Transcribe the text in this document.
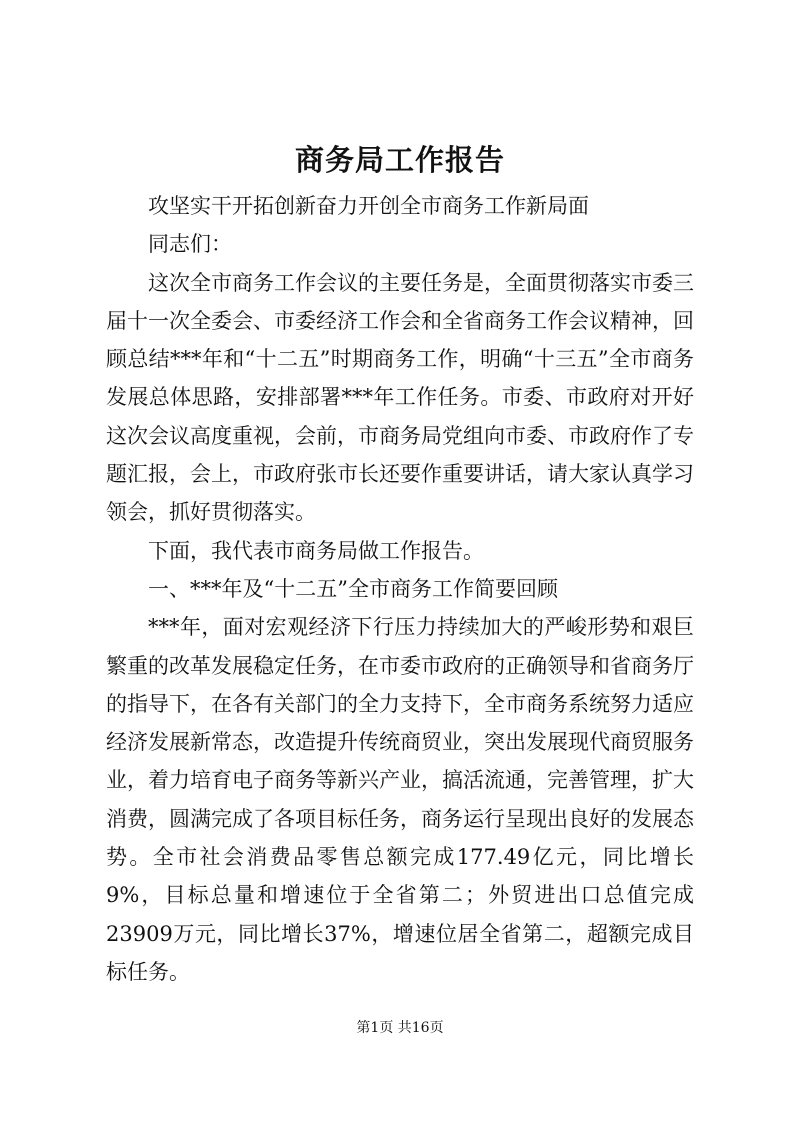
商务局工作报告

攻坚实干开拓创新奋力开创全市商务工作新局面

同志们：

这次全市商务工作会议的主要任务是，全面贯彻落实市委三届十一次全委会、市委经济工作会和全省商务工作会议精神，回顾总结***年和“十二五”时期商务工作，明确“十三五”全市商务发展总体思路，安排部署***年工作任务。市委、市政府对开好这次会议高度重视，会前，市商务局党组向市委、市政府作了专题汇报，会上，市政府张市长还要作重要讲话，请大家认真学习领会，抓好贯彻落实。

下面，我代表市商务局做工作报告。

一、***年及“十二五”全市商务工作简要回顾

***年，面对宏观经济下行压力持续加大的严峻形势和艰巨繁重的改革发展稳定任务，在市委市政府的正确领导和省商务厅的指导下，在各有关部门的全力支持下，全市商务系统努力适应经济发展新常态，改造提升传统商贸业，突出发展现代商贸服务业，着力培育电子商务等新兴产业，搞活流通，完善管理，扩大消费，圆满完成了各项目标任务，商务运行呈现出良好的发展态势。全市社会消费品零售总额完成177.49亿元，同比增长9%，目标总量和增速位于全省第二；外贸进出口总值完成23909万元，同比增长37%，增速位居全省第二，超额完成目标任务。

第1页 共16页
